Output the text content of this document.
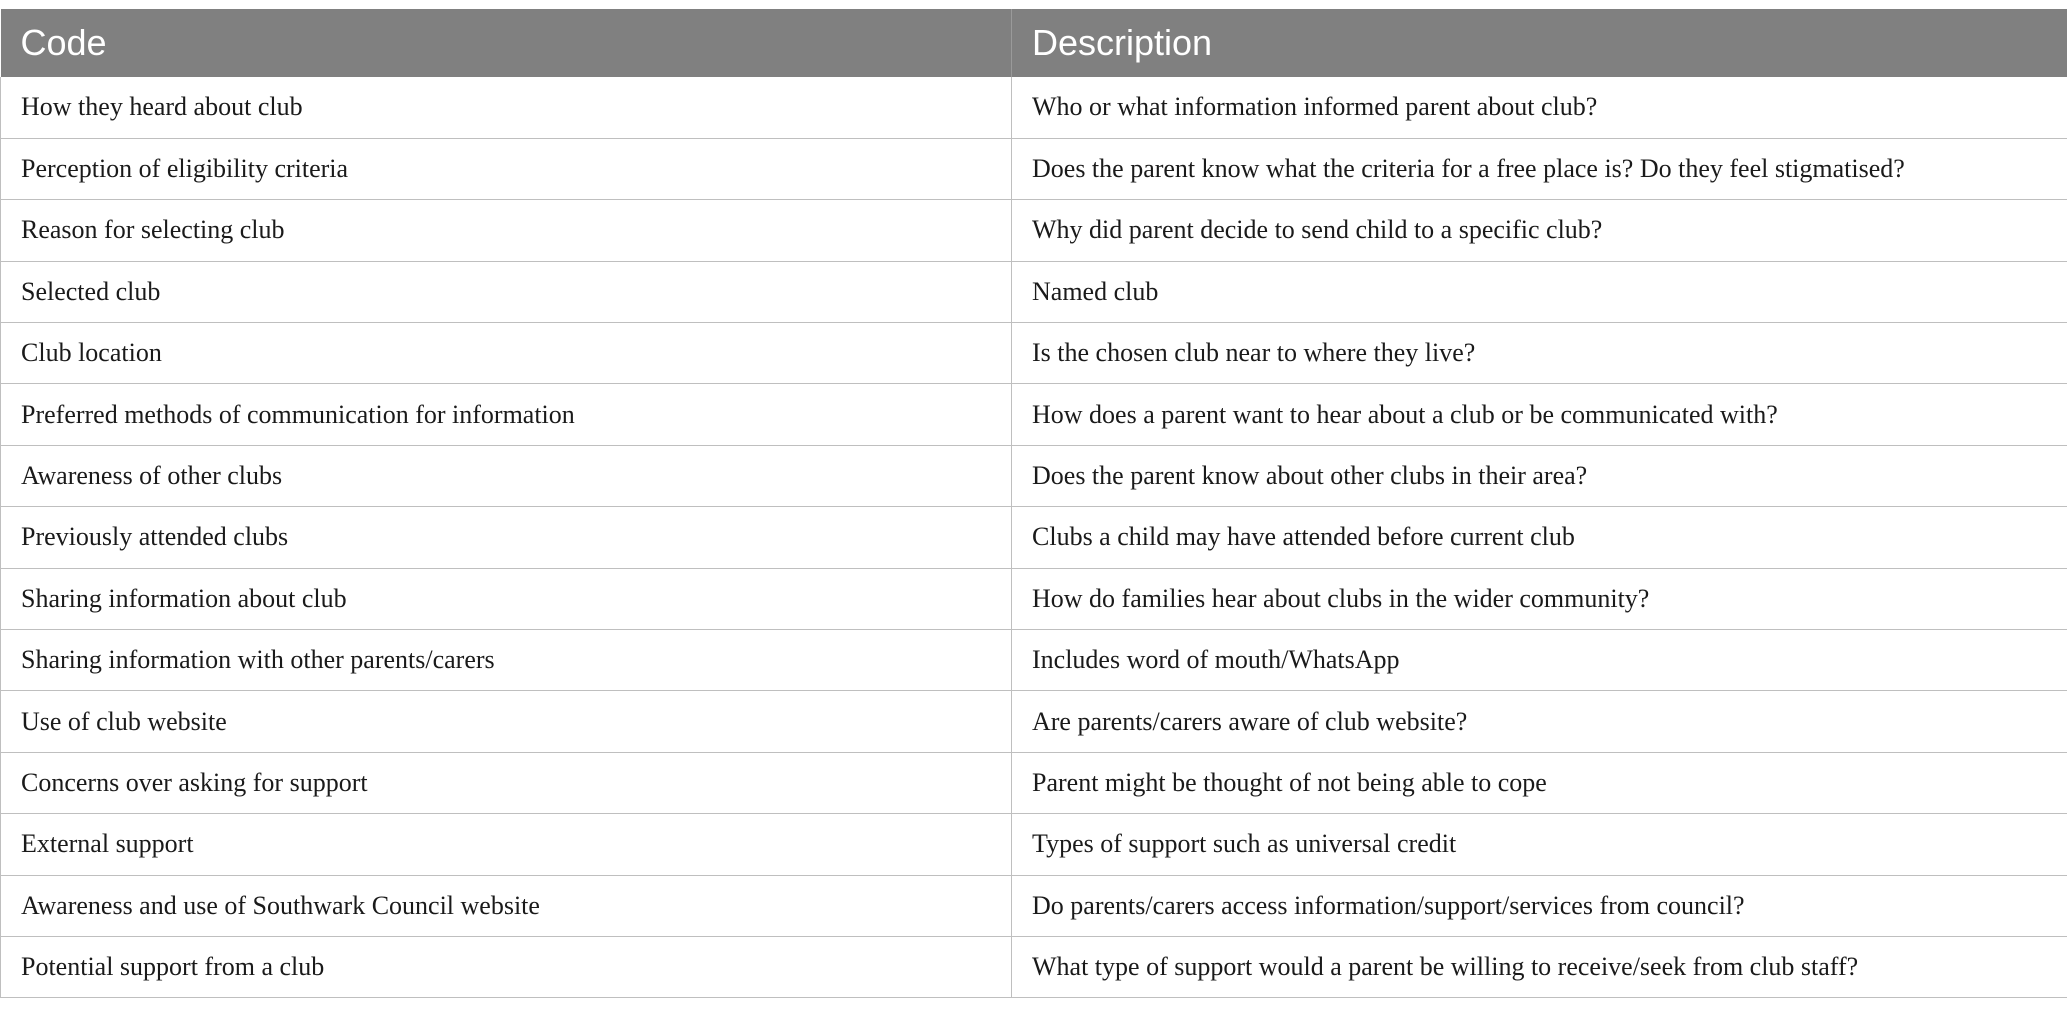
Code	Description
How they heard about club	Who or what information informed parent about club?
Perception of eligibility criteria	Does the parent know what the criteria for a free place is? Do they feel stigmatised?
Reason for selecting club	Why did parent decide to send child to a specific club?
Selected club	Named club
Club location	Is the chosen club near to where they live?
Preferred methods of communication for information	How does a parent want to hear about a club or be communicated with?
Awareness of other clubs	Does the parent know about other clubs in their area?
Previously attended clubs	Clubs a child may have attended before current club
Sharing information about club	How do families hear about clubs in the wider community?
Sharing information with other parents/carers	Includes word of mouth/WhatsApp
Use of club website	Are parents/carers aware of club website?
Concerns over asking for support	Parent might be thought of not being able to cope
External support	Types of support such as universal credit
Awareness and use of Southwark Council website	Do parents/carers access information/support/services from council?
Potential support from a club	What type of support would a parent be willing to receive/seek from club staff?
